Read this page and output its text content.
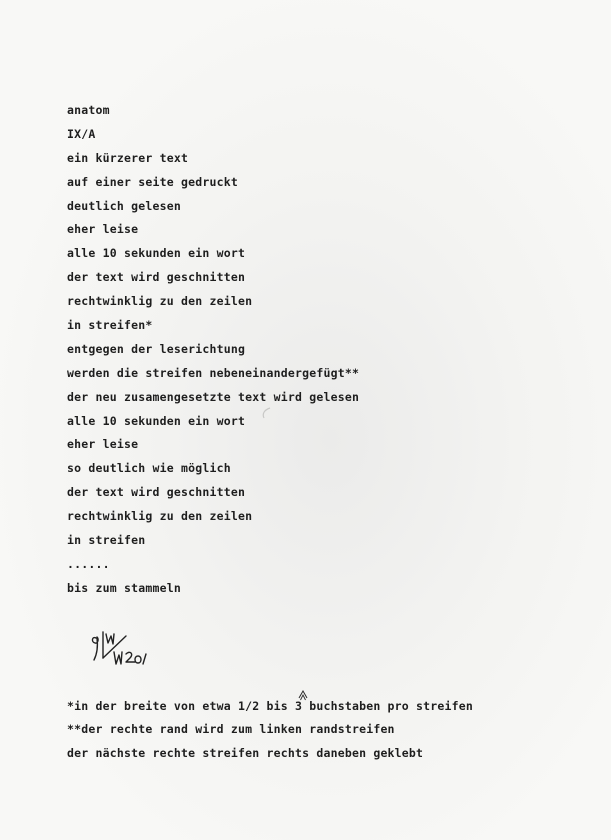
anatom
IX/A
ein kürzerer text
auf einer seite gedruckt
deutlich gelesen
eher leise
alle 10 sekunden ein wort
der text wird geschnitten
rechtwinklig zu den zeilen
in streifen*
entgegen der leserichtung
werden die streifen nebeneinandergefügt**
der neu zusamengesetzte text wird gelesen
alle 10 sekunden ein wort
eher leise
so deutlich wie möglich
der text wird geschnitten
rechtwinklig zu den zeilen
in streifen
......
bis zum stammeln
*in der breite von etwa 1/2 bis 3 buchstaben pro streifen
**der rechte rand wird zum linken randstreifen
der nächste rechte streifen rechts daneben geklebt
